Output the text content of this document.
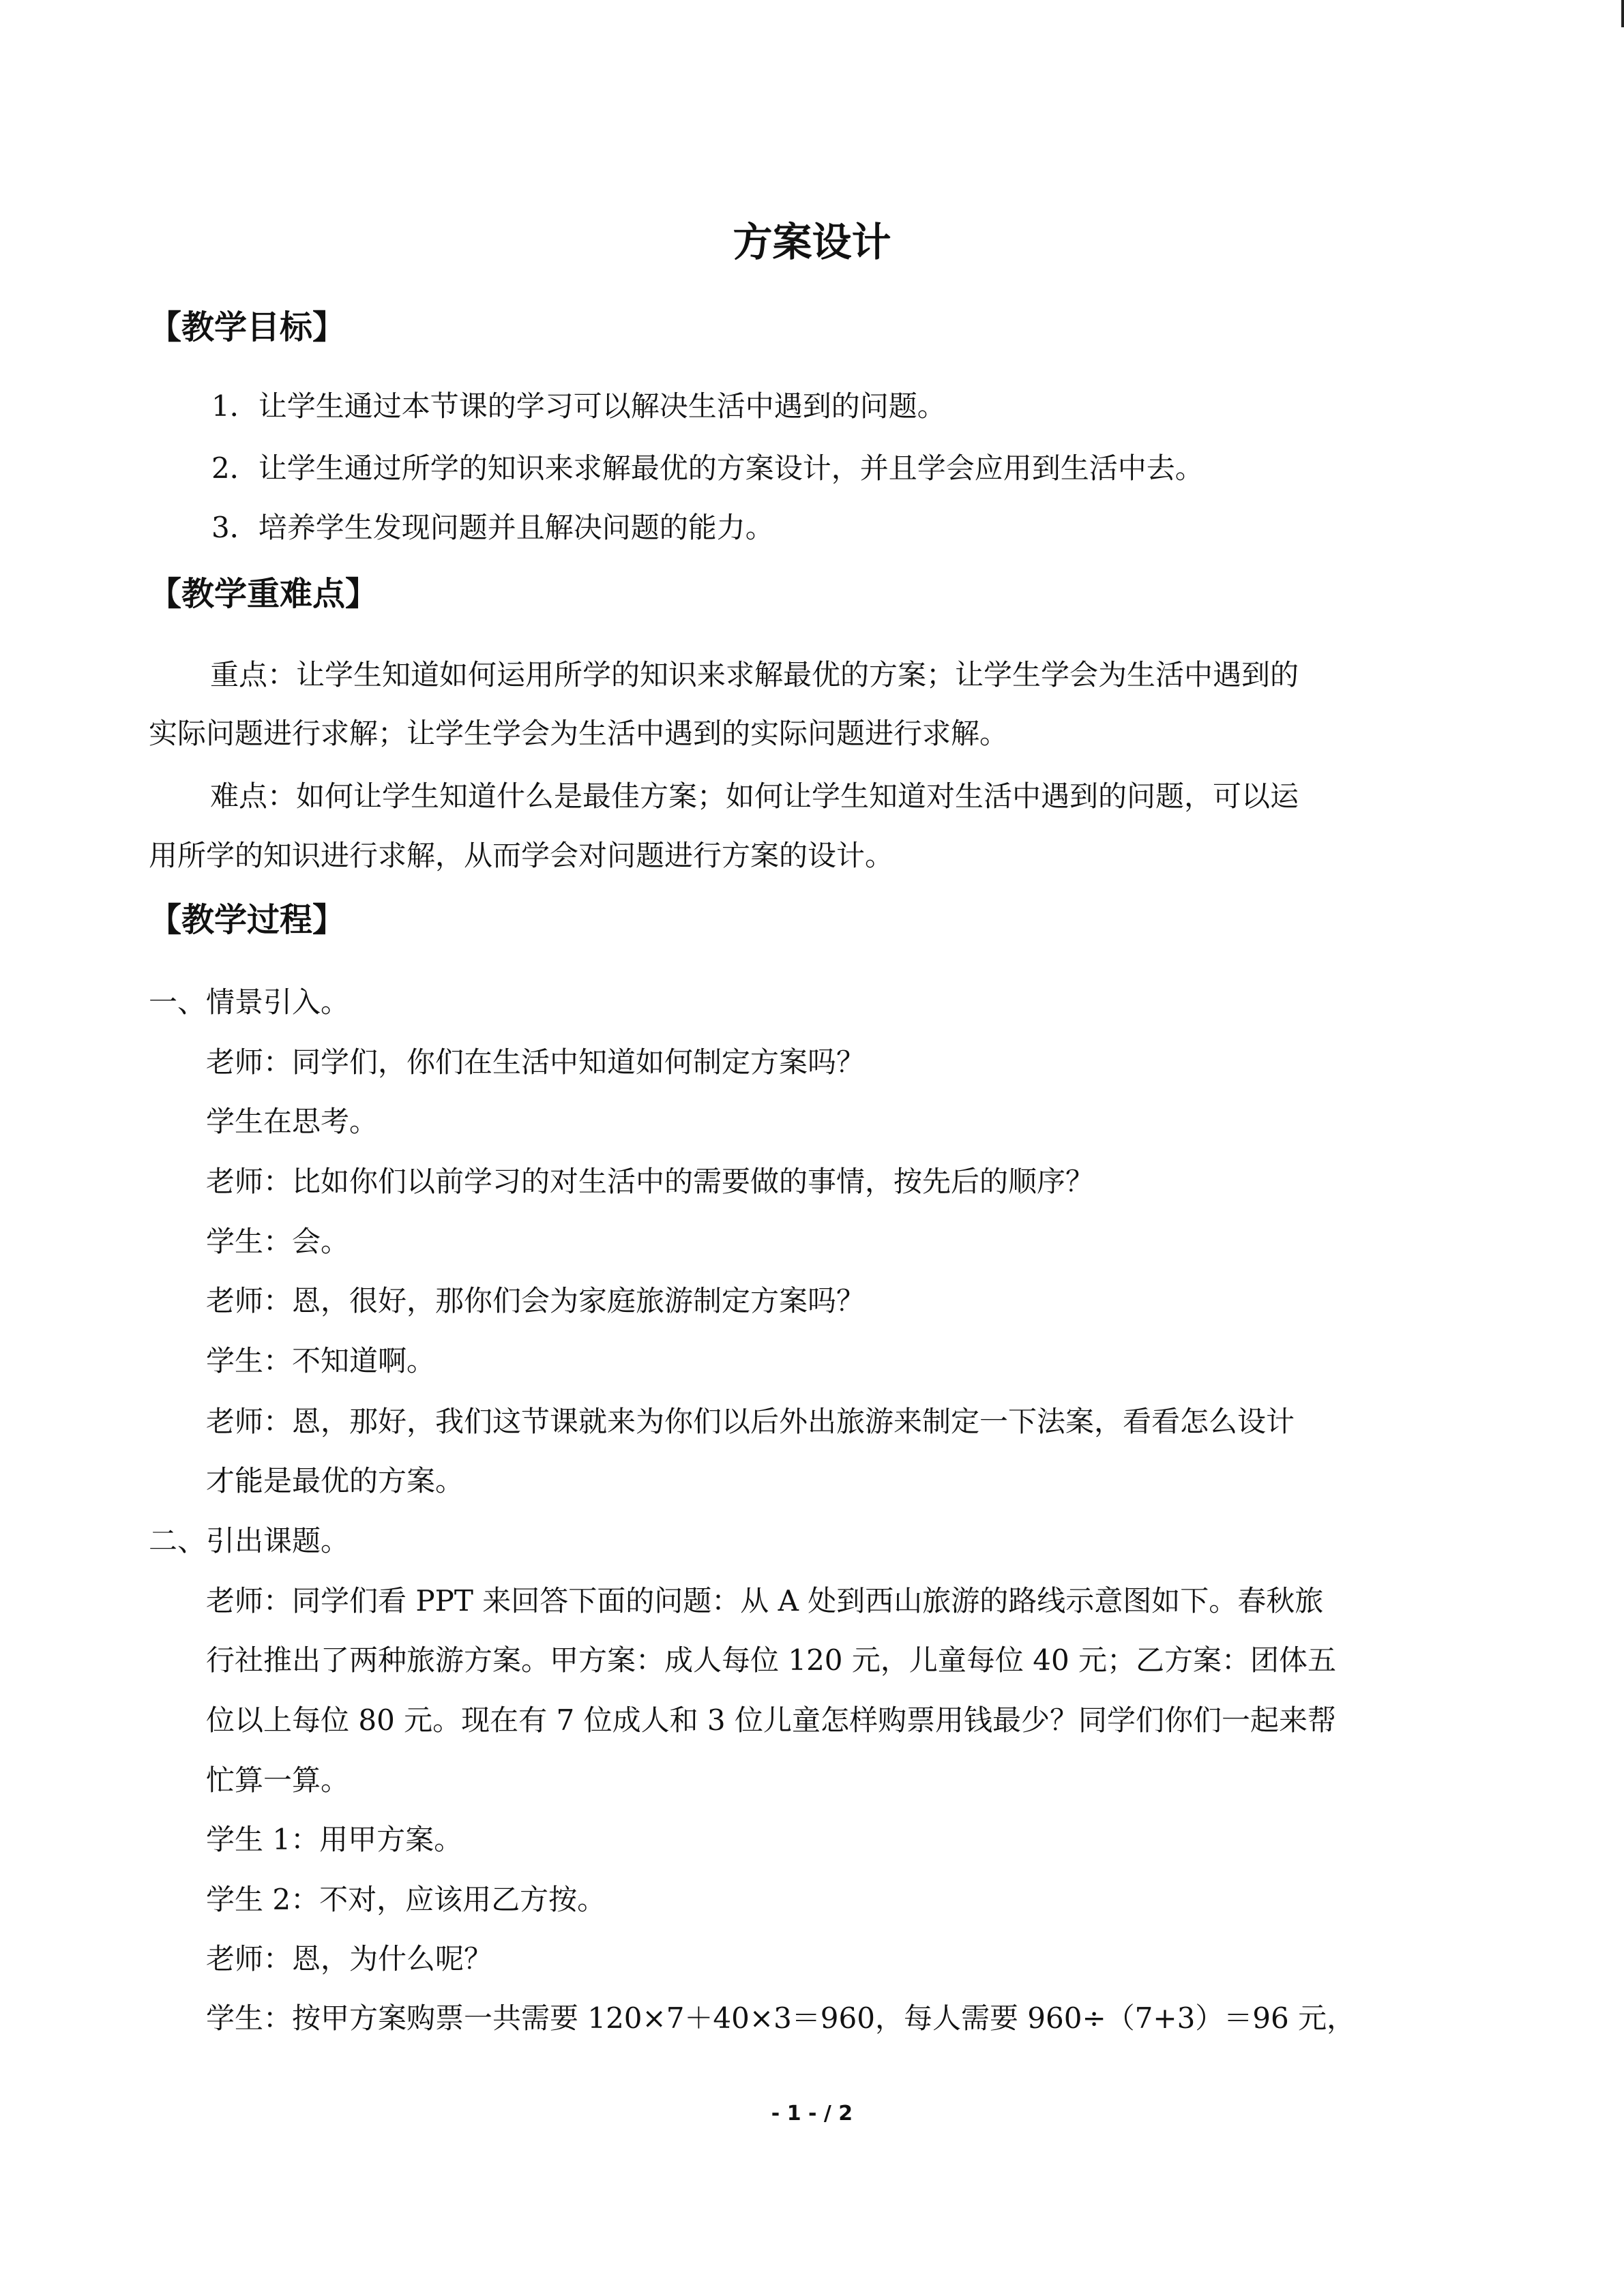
方案设计
【教学目标】
1．让学生通过本节课的学习可以解决生活中遇到的问题。
2．让学生通过所学的知识来求解最优的方案设计，并且学会应用到生活中去。
3．培养学生发现问题并且解决问题的能力。
【教学重难点】
重点：让学生知道如何运用所学的知识来求解最优的方案；让学生学会为生活中遇到的
实际问题进行求解；让学生学会为生活中遇到的实际问题进行求解。
难点：如何让学生知道什么是最佳方案；如何让学生知道对生活中遇到的问题，可以运
用所学的知识进行求解，从而学会对问题进行方案的设计。
【教学过程】
一、情景引入。
老师：同学们，你们在生活中知道如何制定方案吗？
学生在思考。
老师：比如你们以前学习的对生活中的需要做的事情，按先后的顺序？
学生：会。
老师：恩，很好，那你们会为家庭旅游制定方案吗？
学生：不知道啊。
老师：恩，那好，我们这节课就来为你们以后外出旅游来制定一下法案，看看怎么设计
才能是最优的方案。
二、引出课题。
老师：同学们看 PPT 来回答下面的问题：从 A 处到西山旅游的路线示意图如下。春秋旅
行社推出了两种旅游方案。甲方案：成人每位 120 元，儿童每位 40 元；乙方案：团体五
位以上每位 80 元。现在有 7 位成人和 3 位儿童怎样购票用钱最少？同学们你们一起来帮
忙算一算。
学生 1：用甲方案。
学生 2：不对，应该用乙方按。
老师：恩，为什么呢？
学生：按甲方案购票一共需要 120×7＋40×3＝960，每人需要 960÷（7+3）＝96 元，
- 1 - / 2
